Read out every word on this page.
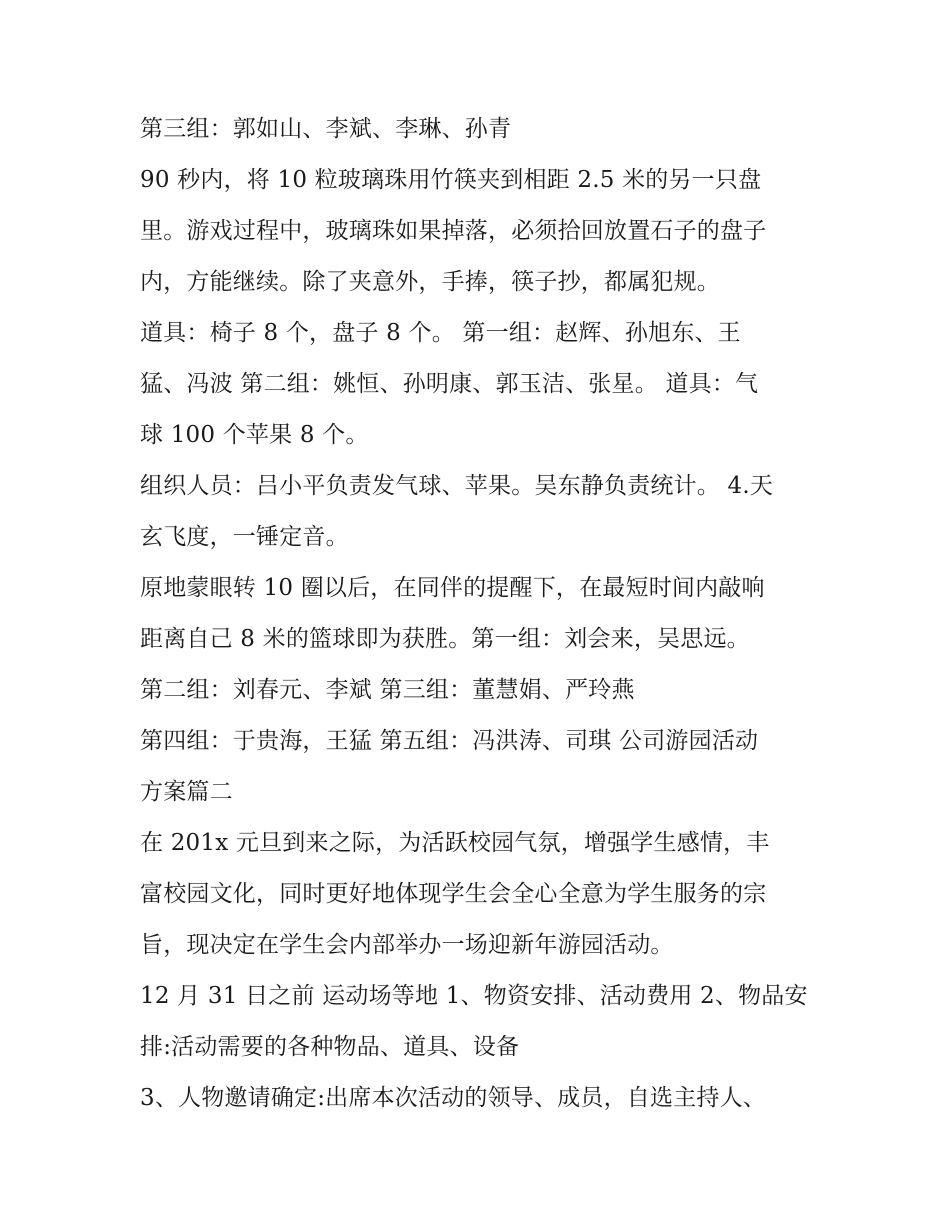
第三组：郭如山、李斌、李琳、孙青
90 秒内，将 10 粒玻璃珠用竹筷夹到相距 2.5 米的另一只盘
里。游戏过程中，玻璃珠如果掉落，必须拾回放置石子的盘子
内，方能继续。除了夹意外，手捧，筷子抄，都属犯规。
道具：椅子 8 个，盘子 8 个。 第一组：赵辉、孙旭东、王
猛、冯波 第二组：姚恒、孙明康、郭玉洁、张星。 道具：气
球 100 个苹果 8 个。
组织人员：吕小平负责发气球、苹果。吴东静负责统计。 4.天
玄飞度，一锤定音。
原地蒙眼转 10 圈以后，在同伴的提醒下，在最短时间内敲响
距离自己 8 米的篮球即为获胜。第一组：刘会来，吴思远。
第二组：刘春元、李斌 第三组：董慧娟、严玲燕
第四组：于贵海，王猛 第五组：冯洪涛、司琪 公司游园活动
方案篇二
在 201x 元旦到来之际，为活跃校园气氛，增强学生感情，丰
富校园文化，同时更好地体现学生会全心全意为学生服务的宗
旨，现决定在学生会内部举办一场迎新年游园活动。
12 月 31 日之前 运动场等地 1、物资安排、活动费用 2、物品安
排:活动需要的各种物品、道具、设备
3、人物邀请确定:出席本次活动的领导、成员，自选主持人、
